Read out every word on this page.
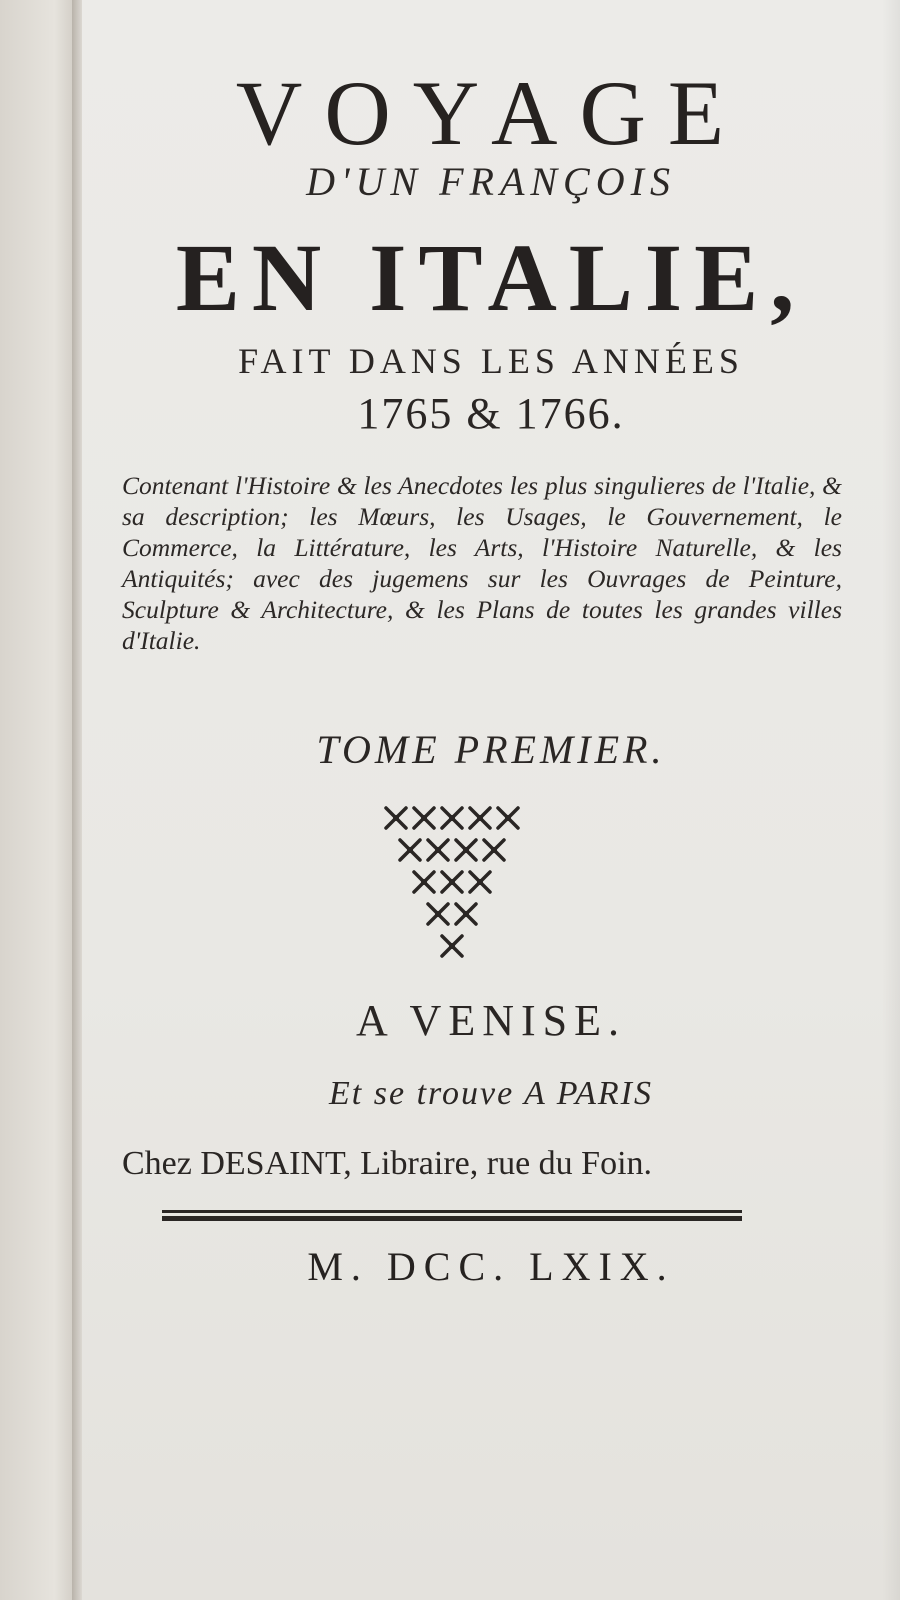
VOYAGE
D'UN FRANÇOIS
EN ITALIE,
FAIT DANS LES ANNÉES
1765 & 1766.
Contenant l'Histoire & les Anecdotes les plus singulieres de l'Italie, & sa description; les Mœurs, les Usages, le Gouvernement, le Commerce, la Littérature, les Arts, l'Histoire Naturelle, & les Antiquités; avec des jugemens sur les Ouvrages de Peinture, Sculpture & Architecture, & les Plans de toutes les grandes villes d'Italie.
TOME PREMIER.
A VENISE.
Et se trouve A PARIS
Chez DESAINT, Libraire, rue du Foin.
M. DCC. LXIX.
